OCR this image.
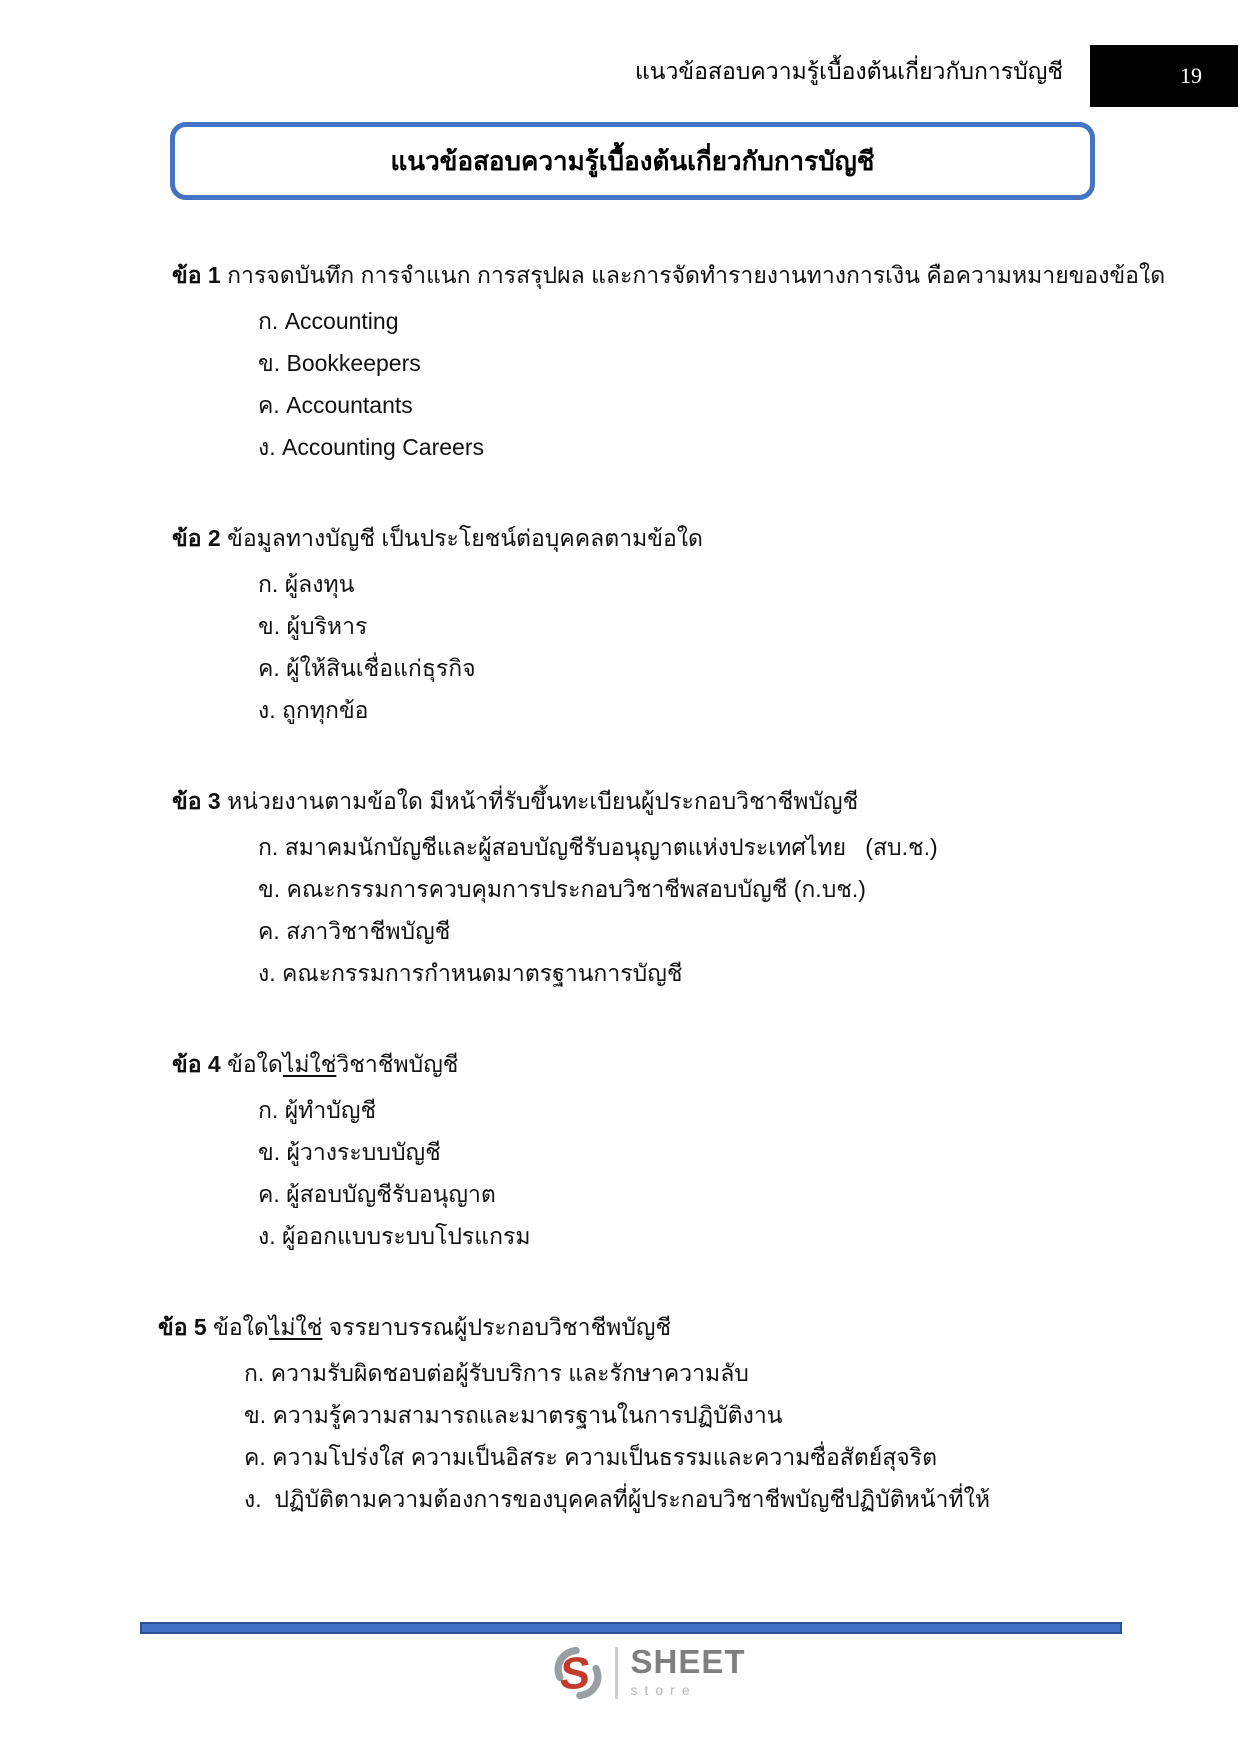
แนวข้อสอบความรู้เบื้องต้นเกี่ยวกับการบัญชี	19
แนวข้อสอบความรู้เบื้องต้นเกี่ยวกับการบัญชี
ข้อ 1 การจดบันทึก การจำแนก การสรุปผล และการจัดทำรายงานทางการเงิน คือความหมายของข้อใด
ก. Accounting
ข. Bookkeepers
ค. Accountants
ง. Accounting Careers
ข้อ 2 ข้อมูลทางบัญชี เป็นประโยชน์ต่อบุคคลตามข้อใด
ก. ผู้ลงทุน
ข. ผู้บริหาร
ค. ผู้ให้สินเชื่อแก่ธุรกิจ
ง. ถูกทุกข้อ
ข้อ 3 หน่วยงานตามข้อใด มีหน้าที่รับขึ้นทะเบียนผู้ประกอบวิชาชีพบัญชี
ก. สมาคมนักบัญชีและผู้สอบบัญชีรับอนุญาตแห่งประเทศไทย   (สบ.ช.)
ข. คณะกรรมการควบคุมการประกอบวิชาชีพสอบบัญชี (ก.บช.)
ค. สภาวิชาชีพบัญชี
ง. คณะกรรมการกำหนดมาตรฐานการบัญชี
ข้อ 4 ข้อใดไม่ใช่วิชาชีพบัญชี
ก. ผู้ทำบัญชี
ข. ผู้วางระบบบัญชี
ค. ผู้สอบบัญชีรับอนุญาต
ง. ผู้ออกแบบระบบโปรแกรม
ข้อ 5 ข้อใดไม่ใช่ จรรยาบรรณผู้ประกอบวิชาชีพบัญชี
ก. ความรับผิดชอบต่อผู้รับบริการ และรักษาความลับ
ข. ความรู้ความสามารถและมาตรฐานในการปฏิบัติงาน
ค. ความโปร่งใส ความเป็นอิสระ ความเป็นธรรมและความซื่อสัตย์สุจริต
ง.  ปฏิบัติตามความต้องการของบุคคลที่ผู้ประกอบวิชาชีพบัญชีปฏิบัติหน้าที่ให้
S SHEET
store
